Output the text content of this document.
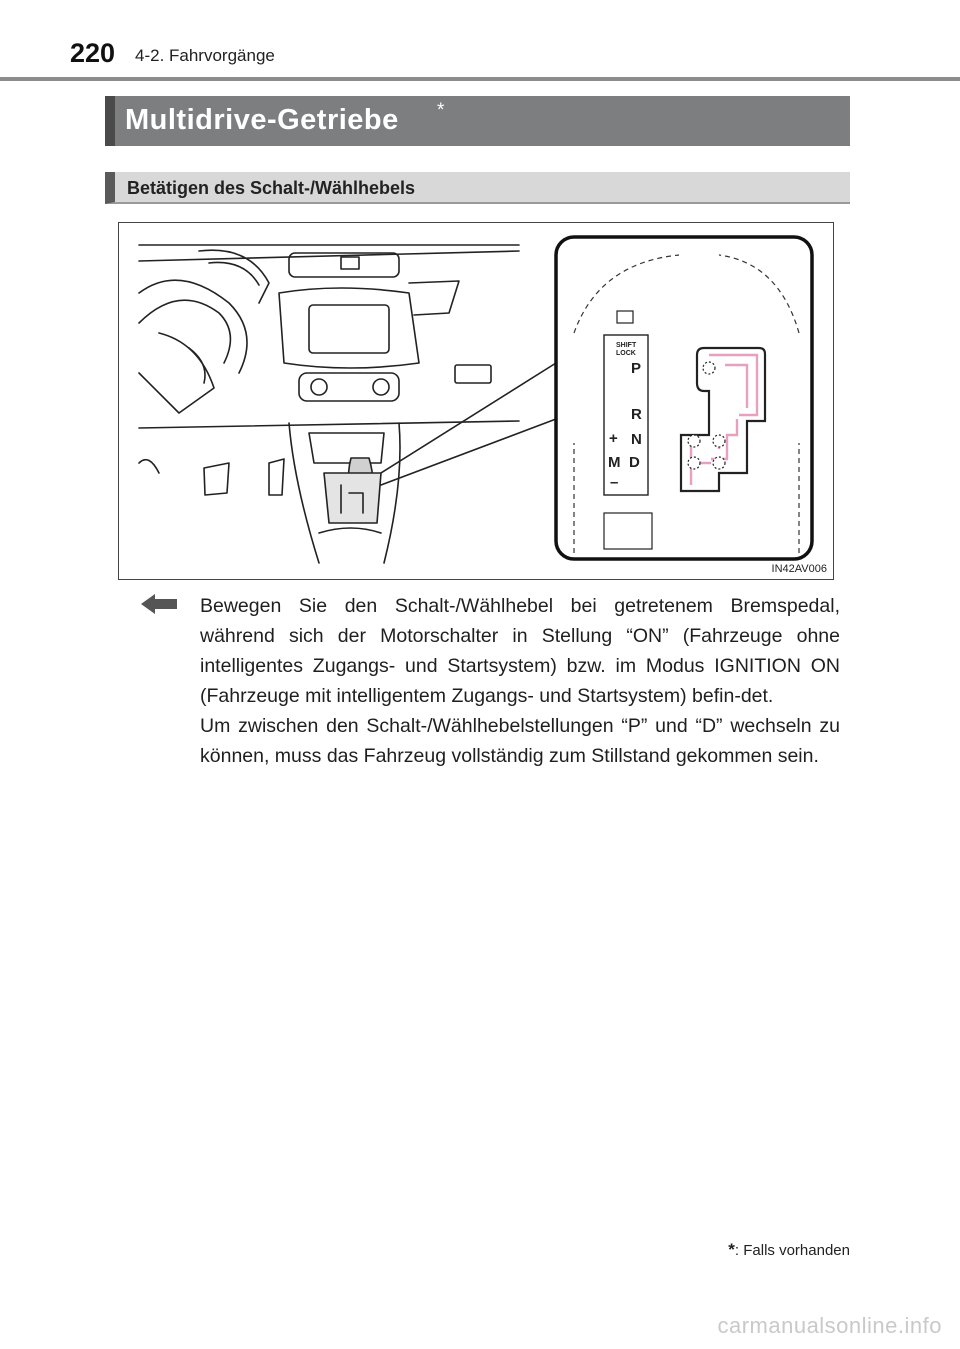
220 4-2. Fahrvorgänge
Multidrive-Getriebe *
Betätigen des Schalt-/Wählhebels
SHIFT
LOCK
P
R
N
D
+
M
–
IN42AV006

Bewegen Sie den Schalt-/Wählhebel bei getretenem Bremspedal, während sich der Motorschalter in Stellung “ON” (Fahrzeuge ohne intelligentes Zugangs- und Startsystem) bzw. im Modus IGNITION ON (Fahrzeuge mit intelligentem Zugangs- und Startsystem) befin-det.

Um zwischen den Schalt-/Wählhebelstellungen “P” und “D” wechseln zu können, muss das Fahrzeug vollständig zum Stillstand gekommen sein.

*: Falls vorhanden
carmanualsonline.info
